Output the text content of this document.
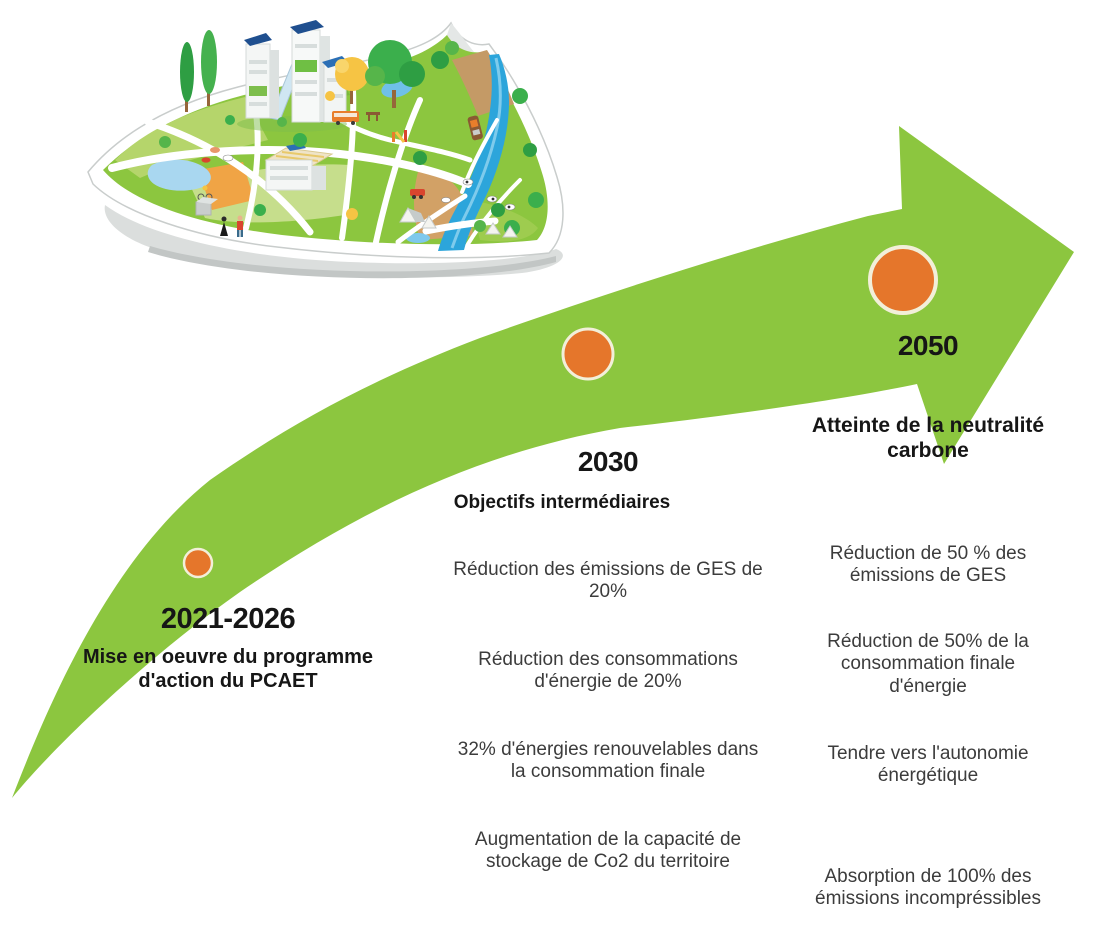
2021-2026
Mise en oeuvre du programme d'action du PCAET
2030
Objectifs intermédiaires
Réduction des émissions de GES de 20%
Réduction des consommations d'énergie de 20%
32% d'énergies renouvelables dans la consommation finale
Augmentation de la capacité de stockage de Co2 du territoire
2050
Atteinte de la neutralité carbone
Réduction de 50 % des émissions de GES
Réduction de 50% de la consommation finale d'énergie
Tendre vers l'autonomie énergétique
Absorption de 100% des émissions incompréssibles
